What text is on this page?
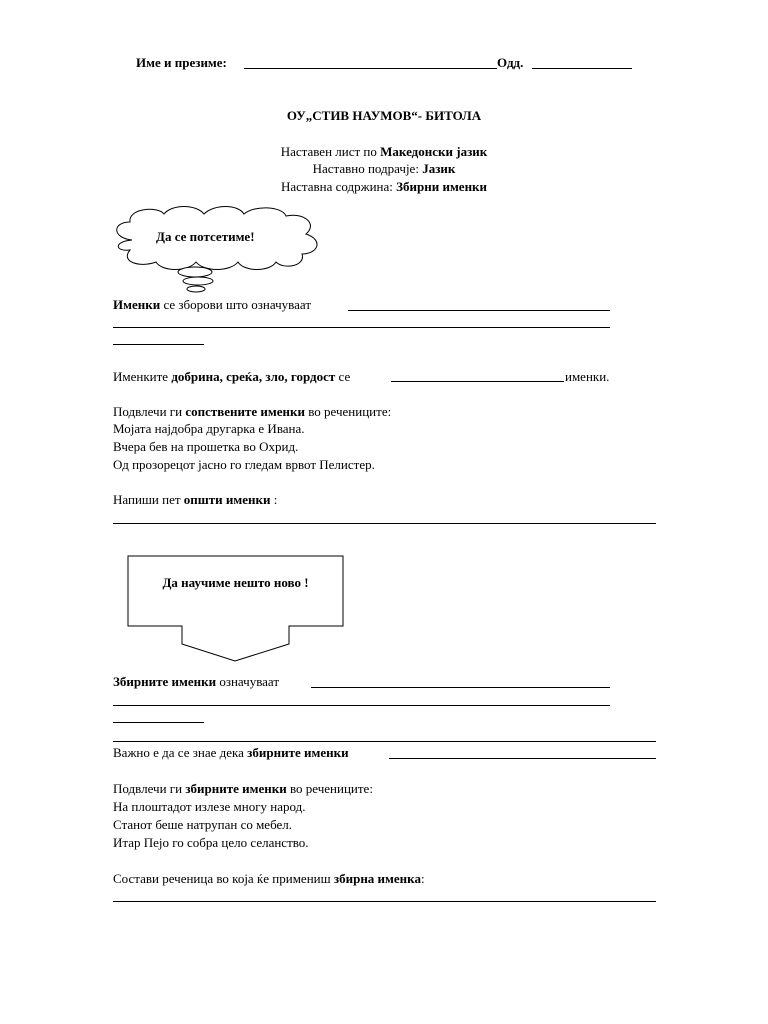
Име и презиме:	Одд.
ОУ„СТИВ НАУМОВ“- БИТОЛА
Наставен лист по Македонски јазик
Наставно подрачје: Јазик
Наставна содржина: Збирни именки
Да се потсетиме!
Да научиме нешто ново !
Именки се зборови што означуваат
Именките добрина, среќа, зло, гордост се	именки.
Подвлечи ги сопствените именки во речениците:
Мојата најдобра другарка е Ивана.
Вчера бев на прошетка во Охрид.
Од прозорецот јасно го гледам врвот Пелистер.
Напиши пет општи именки :
Збирните именки означуваат
Важно е да се знае дека збирните именки
Подвлечи ги збирните именки во речениците:
На плоштадот излезе многу народ.
Станот беше натрупан со мебел.
Итар Пејо го собра цело селанство.
Состави реченица во која ќе примениш збирна именка:
